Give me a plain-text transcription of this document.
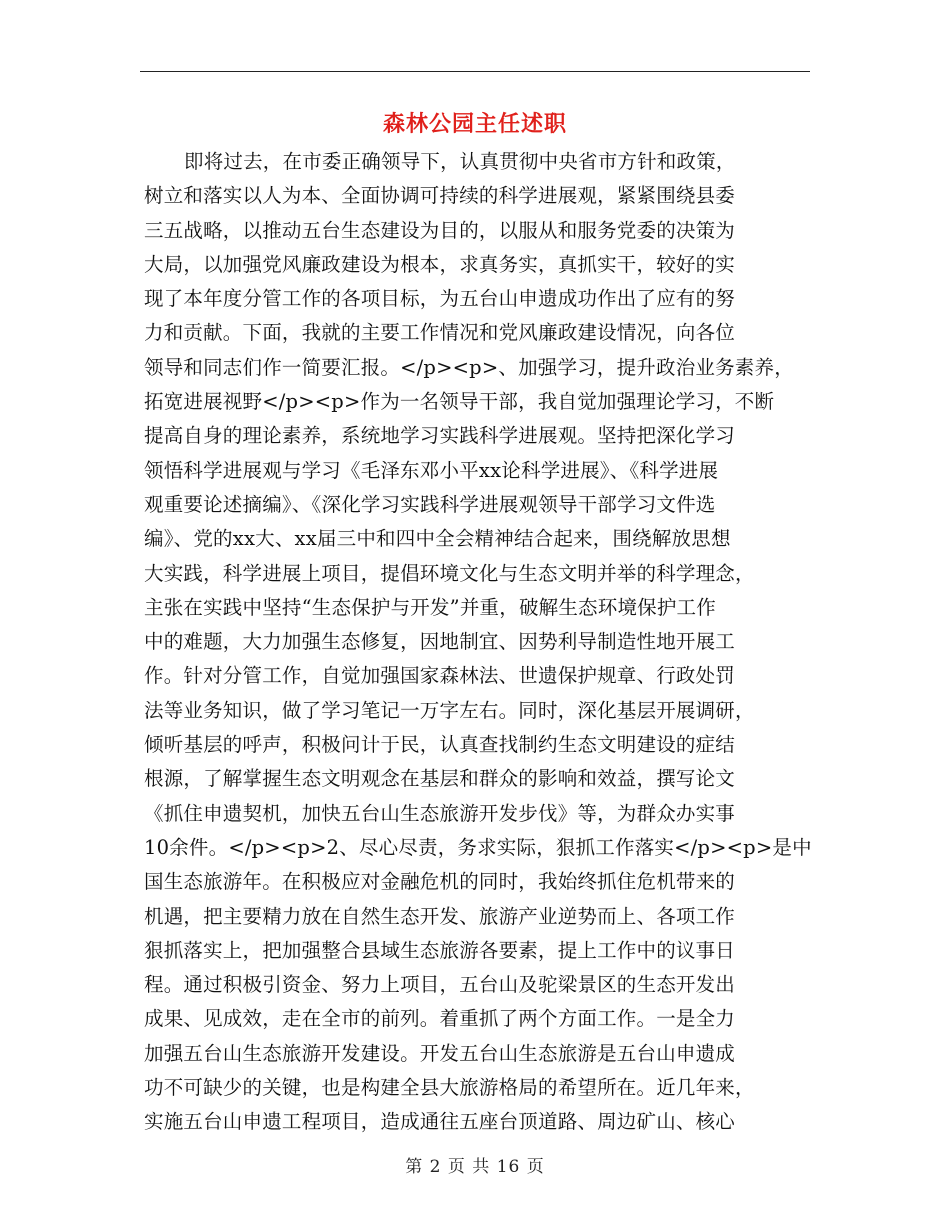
森林公园主任述职
即将过去，在市委正确领导下，认真贯彻中央省市方针和政策，
树立和落实以人为本、全面协调可持续的科学进展观，紧紧围绕县委
三五战略，以推动五台生态建设为目的，以服从和服务党委的决策为
大局，以加强党风廉政建设为根本，求真务实，真抓实干，较好的实
现了本年度分管工作的各项目标，为五台山申遗成功作出了应有的努
力和贡献。下面，我就的主要工作情况和党风廉政建设情况，向各位
领导和同志们作一简要汇报。</p><p>、加强学习，提升政治业务素养，
拓宽进展视野</p><p>作为一名领导干部，我自觉加强理论学习，不断
提高自身的理论素养，系统地学习实践科学进展观。坚持把深化学习
领悟科学进展观与学习《毛泽东邓小平xx论科学进展》、《科学进展
观重要论述摘编》、《深化学习实践科学进展观领导干部学习文件选
编》、党的xx大、xx届三中和四中全会精神结合起来，围绕解放思想
大实践，科学进展上项目，提倡环境文化与生态文明并举的科学理念，
主张在实践中坚持“生态保护与开发”并重，破解生态环境保护工作
中的难题，大力加强生态修复，因地制宜、因势利导制造性地开展工
作。针对分管工作，自觉加强国家森林法、世遗保护规章、行政处罚
法等业务知识，做了学习笔记一万字左右。同时，深化基层开展调研，
倾听基层的呼声，积极问计于民，认真查找制约生态文明建设的症结
根源，了解掌握生态文明观念在基层和群众的影响和效益，撰写论文
《抓住申遗契机，加快五台山生态旅游开发步伐》等，为群众办实事
10余件。</p><p>2、尽心尽责，务求实际，狠抓工作落实</p><p>是中
国生态旅游年。在积极应对金融危机的同时，我始终抓住危机带来的
机遇，把主要精力放在自然生态开发、旅游产业逆势而上、各项工作
狠抓落实上，把加强整合县域生态旅游各要素，提上工作中的议事日
程。通过积极引资金、努力上项目，五台山及驼梁景区的生态开发出
成果、见成效，走在全市的前列。着重抓了两个方面工作。一是全力
加强五台山生态旅游开发建设。开发五台山生态旅游是五台山申遗成
功不可缺少的关键，也是构建全县大旅游格局的希望所在。近几年来，
实施五台山申遗工程项目，造成通往五座台顶道路、周边矿山、核心
第 2 页 共 16 页
